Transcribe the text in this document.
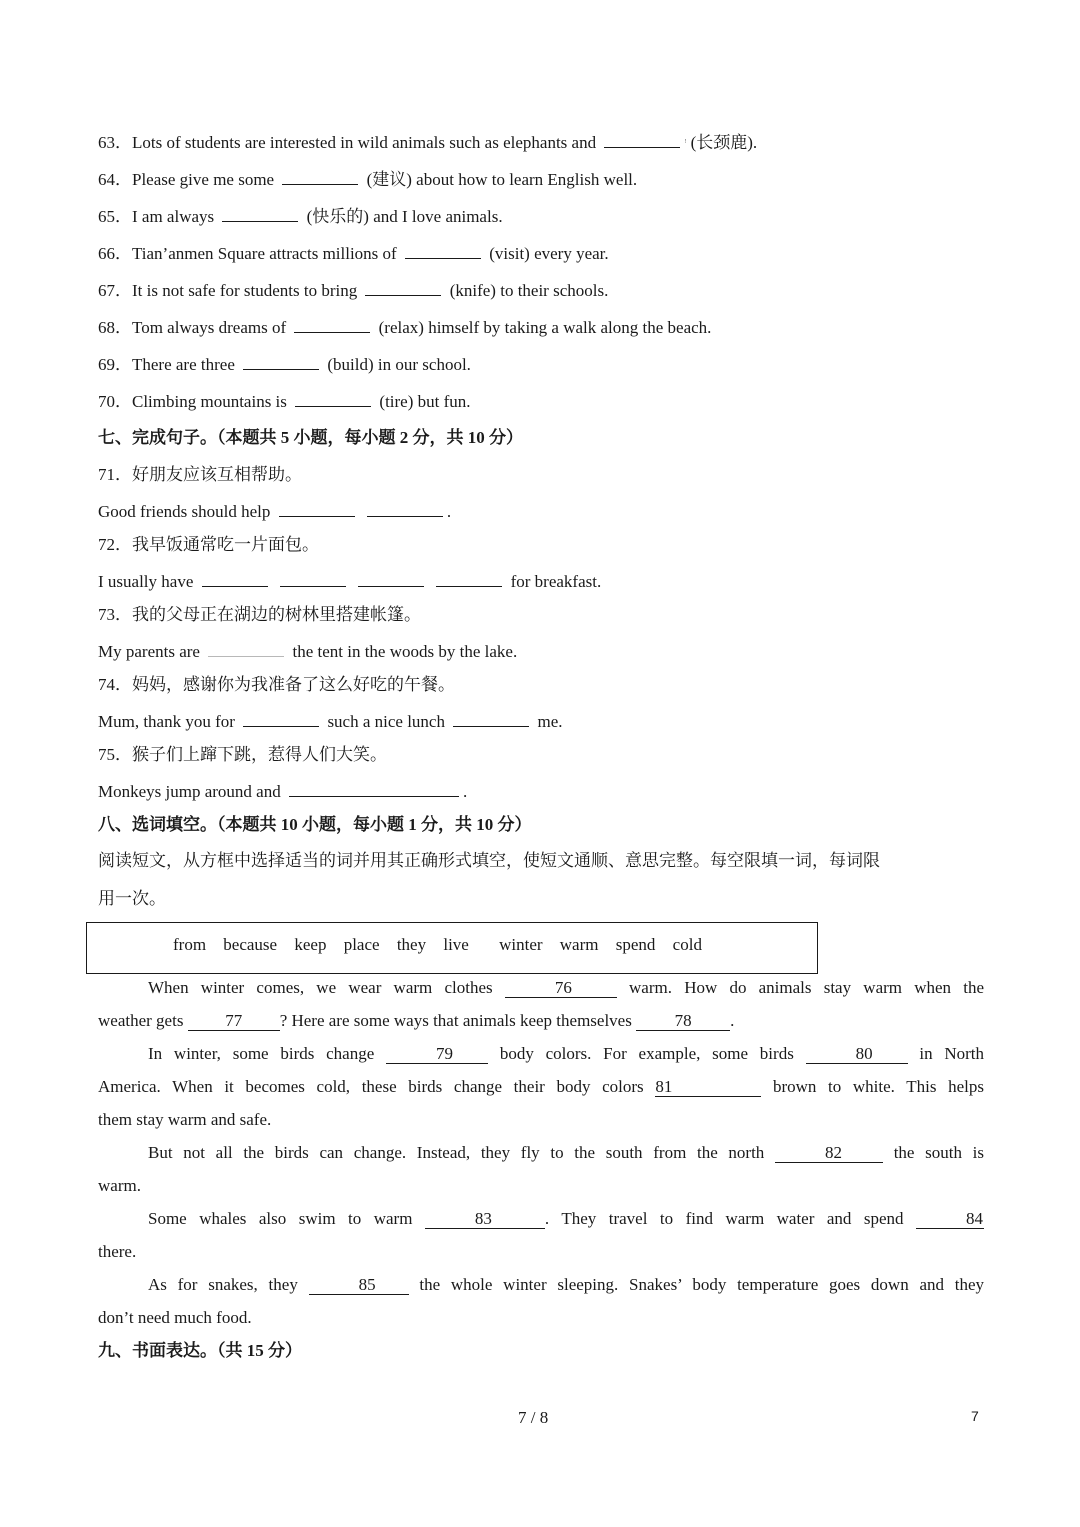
63．Lots of students are interested in wild animals such as elephants and	! (长颈鹿).
64．Please give me some	(建议) about how to learn English well.
65．I am always	(快乐的) and I love animals.
66．Tian’anmen Square attracts millions of	(visit) every year.
67．It is not safe for students to bring	(knife) to their schools.
68．Tom always dreams of	(relax) himself by taking a walk along the beach.
69．There are three	(build) in our school.
70．Climbing mountains is	(tire) but fun.
七、完成句子。（本题共 5 小题，每小题 2 分，共 10 分）
71．好朋友应该互相帮助。
Good friends should help	.
72．我早饭通常吃一片面包。
I usually have	for breakfast.
73．我的父母正在湖边的树林里搭建帐篷。
My parents are	the tent in the woods by the lake.
74．妈妈，感谢你为我准备了这么好吃的午餐。
Mum, thank you for	such a nice lunch	me.
75．猴子们上蹿下跳，惹得人们大笑。
Monkeys jump around and	.
八、选词填空。（本题共 10 小题，每小题 1 分，共 10 分）
阅读短文，从方框中选择适当的词并用其正确形式填空，使短文通顺、意思完整。每空限填一词，每词限
用一次。
from because keep place they live winter warm spend cold
When winter comes, we wear warm clothes	76	warm. How do animals stay warm when the
weather gets 77 ? Here are some ways that animals keep themselves	78 .
In winter, some birds change	79	body colors. For example, some birds	80	in North
America. When it becomes cold, these birds change their body colors 81	brown to white. This helps
them stay warm and safe.
But not all the birds can change. Instead, they fly to the south from the north	82	the south is
warm.
Some whales also swim to warm	83	. They travel to find warm water and spend	84
there.
As for snakes, they	85	the whole winter sleeping. Snakes’ body temperature goes down and they
don’t need much food.
九、书面表达。（共 15 分）
7 / 8	7
